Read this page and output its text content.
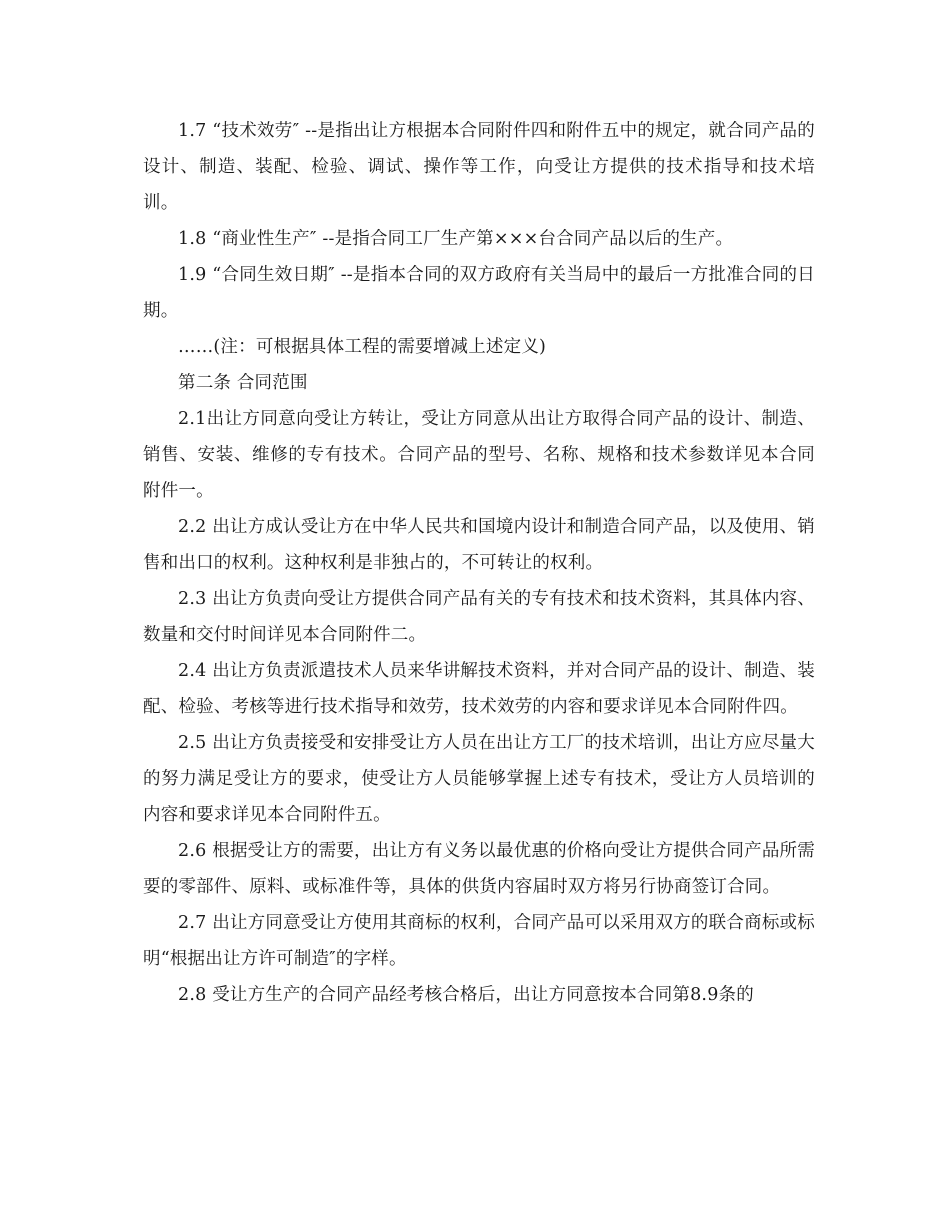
1.7 “技术效劳″ --是指出让方根据本合同附件四和附件五中的规定，就合同产品的设计、制造、装配、检验、调试、操作等工作，向受让方提供的技术指导和技术培训。

1.8 “商业性生产″ --是指合同工厂生产第×××台合同产品以后的生产。

1.9 “合同生效日期″ --是指本合同的双方政府有关当局中的最后一方批准合同的日期。

……(注：可根据具体工程的需要增减上述定义)

第二条 合同范围

2.1出让方同意向受让方转让，受让方同意从出让方取得合同产品的设计、制造、销售、安装、维修的专有技术。合同产品的型号、名称、规格和技术参数详见本合同附件一。

2.2 出让方成认受让方在中华人民共和国境内设计和制造合同产品，以及使用、销售和出口的权利。这种权利是非独占的，不可转让的权利。

2.3 出让方负责向受让方提供合同产品有关的专有技术和技术资料，其具体内容、数量和交付时间详见本合同附件二。

2.4 出让方负责派遣技术人员来华讲解技术资料，并对合同产品的设计、制造、装配、检验、考核等进行技术指导和效劳，技术效劳的内容和要求详见本合同附件四。

2.5 出让方负责接受和安排受让方人员在出让方工厂的技术培训，出让方应尽量大的努力满足受让方的要求，使受让方人员能够掌握上述专有技术，受让方人员培训的内容和要求详见本合同附件五。

2.6 根据受让方的需要，出让方有义务以最优惠的价格向受让方提供合同产品所需要的零部件、原料、或标准件等，具体的供货内容届时双方将另行协商签订合同。

2.7 出让方同意受让方使用其商标的权利，合同产品可以采用双方的联合商标或标明“根据出让方许可制造″的字样。

2.8 受让方生产的合同产品经考核合格后，出让方同意按本合同第8.9条的
